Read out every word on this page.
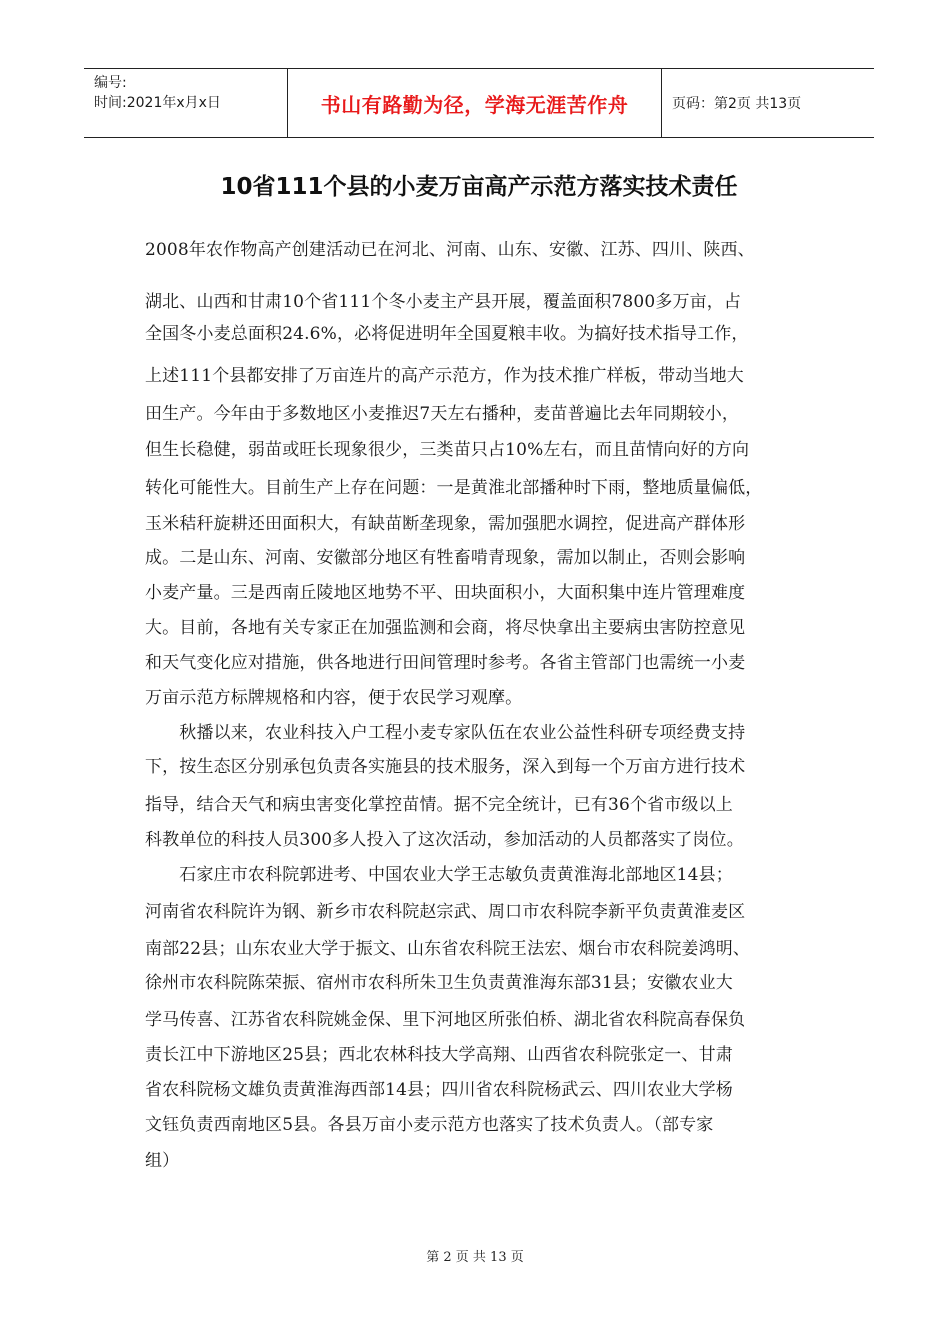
编号:
时间:2021年x月x日	书山有路勤为径，学海无涯苦作舟	页码：第2页 共13页
10省111个县的小麦万亩高产示范方落实技术责任
2008年农作物高产创建活动已在河北、河南、山东、安徽、江苏、四川、陕西、
湖北、山西和甘肃10个省111个冬小麦主产县开展，覆盖面积7800多万亩，占
全国冬小麦总面积24.6%，必将促进明年全国夏粮丰收。为搞好技术指导工作，
上述111个县都安排了万亩连片的高产示范方，作为技术推广样板，带动当地大
田生产。今年由于多数地区小麦推迟7天左右播种，麦苗普遍比去年同期较小，
但生长稳健，弱苗或旺长现象很少，三类苗只占10%左右，而且苗情向好的方向
转化可能性大。目前生产上存在问题：一是黄淮北部播种时下雨，整地质量偏低，
玉米秸秆旋耕还田面积大，有缺苗断垄现象，需加强肥水调控，促进高产群体形
成。二是山东、河南、安徽部分地区有牲畜啃青现象，需加以制止，否则会影响
小麦产量。三是西南丘陵地区地势不平、田块面积小，大面积集中连片管理难度
大。目前，各地有关专家正在加强监测和会商，将尽快拿出主要病虫害防控意见
和天气变化应对措施，供各地进行田间管理时参考。各省主管部门也需统一小麦
万亩示范方标牌规格和内容，便于农民学习观摩。
　　秋播以来，农业科技入户工程小麦专家队伍在农业公益性科研专项经费支持
下，按生态区分别承包负责各实施县的技术服务，深入到每一个万亩方进行技术
指导，结合天气和病虫害变化掌控苗情。据不完全统计，已有36个省市级以上
科教单位的科技人员300多人投入了这次活动，参加活动的人员都落实了岗位。
　　石家庄市农科院郭进考、中国农业大学王志敏负责黄淮海北部地区14县；
河南省农科院许为钢、新乡市农科院赵宗武、周口市农科院李新平负责黄淮麦区
南部22县；山东农业大学于振文、山东省农科院王法宏、烟台市农科院姜鸿明、
徐州市农科院陈荣振、宿州市农科所朱卫生负责黄淮海东部31县；安徽农业大
学马传喜、江苏省农科院姚金保、里下河地区所张伯桥、湖北省农科院高春保负
责长江中下游地区25县；西北农林科技大学高翔、山西省农科院张定一、甘肃
省农科院杨文雄负责黄淮海西部14县；四川省农科院杨武云、四川农业大学杨
文钰负责西南地区5县。各县万亩小麦示范方也落实了技术负责人。（部专家
组）
第 2 页 共 13 页
